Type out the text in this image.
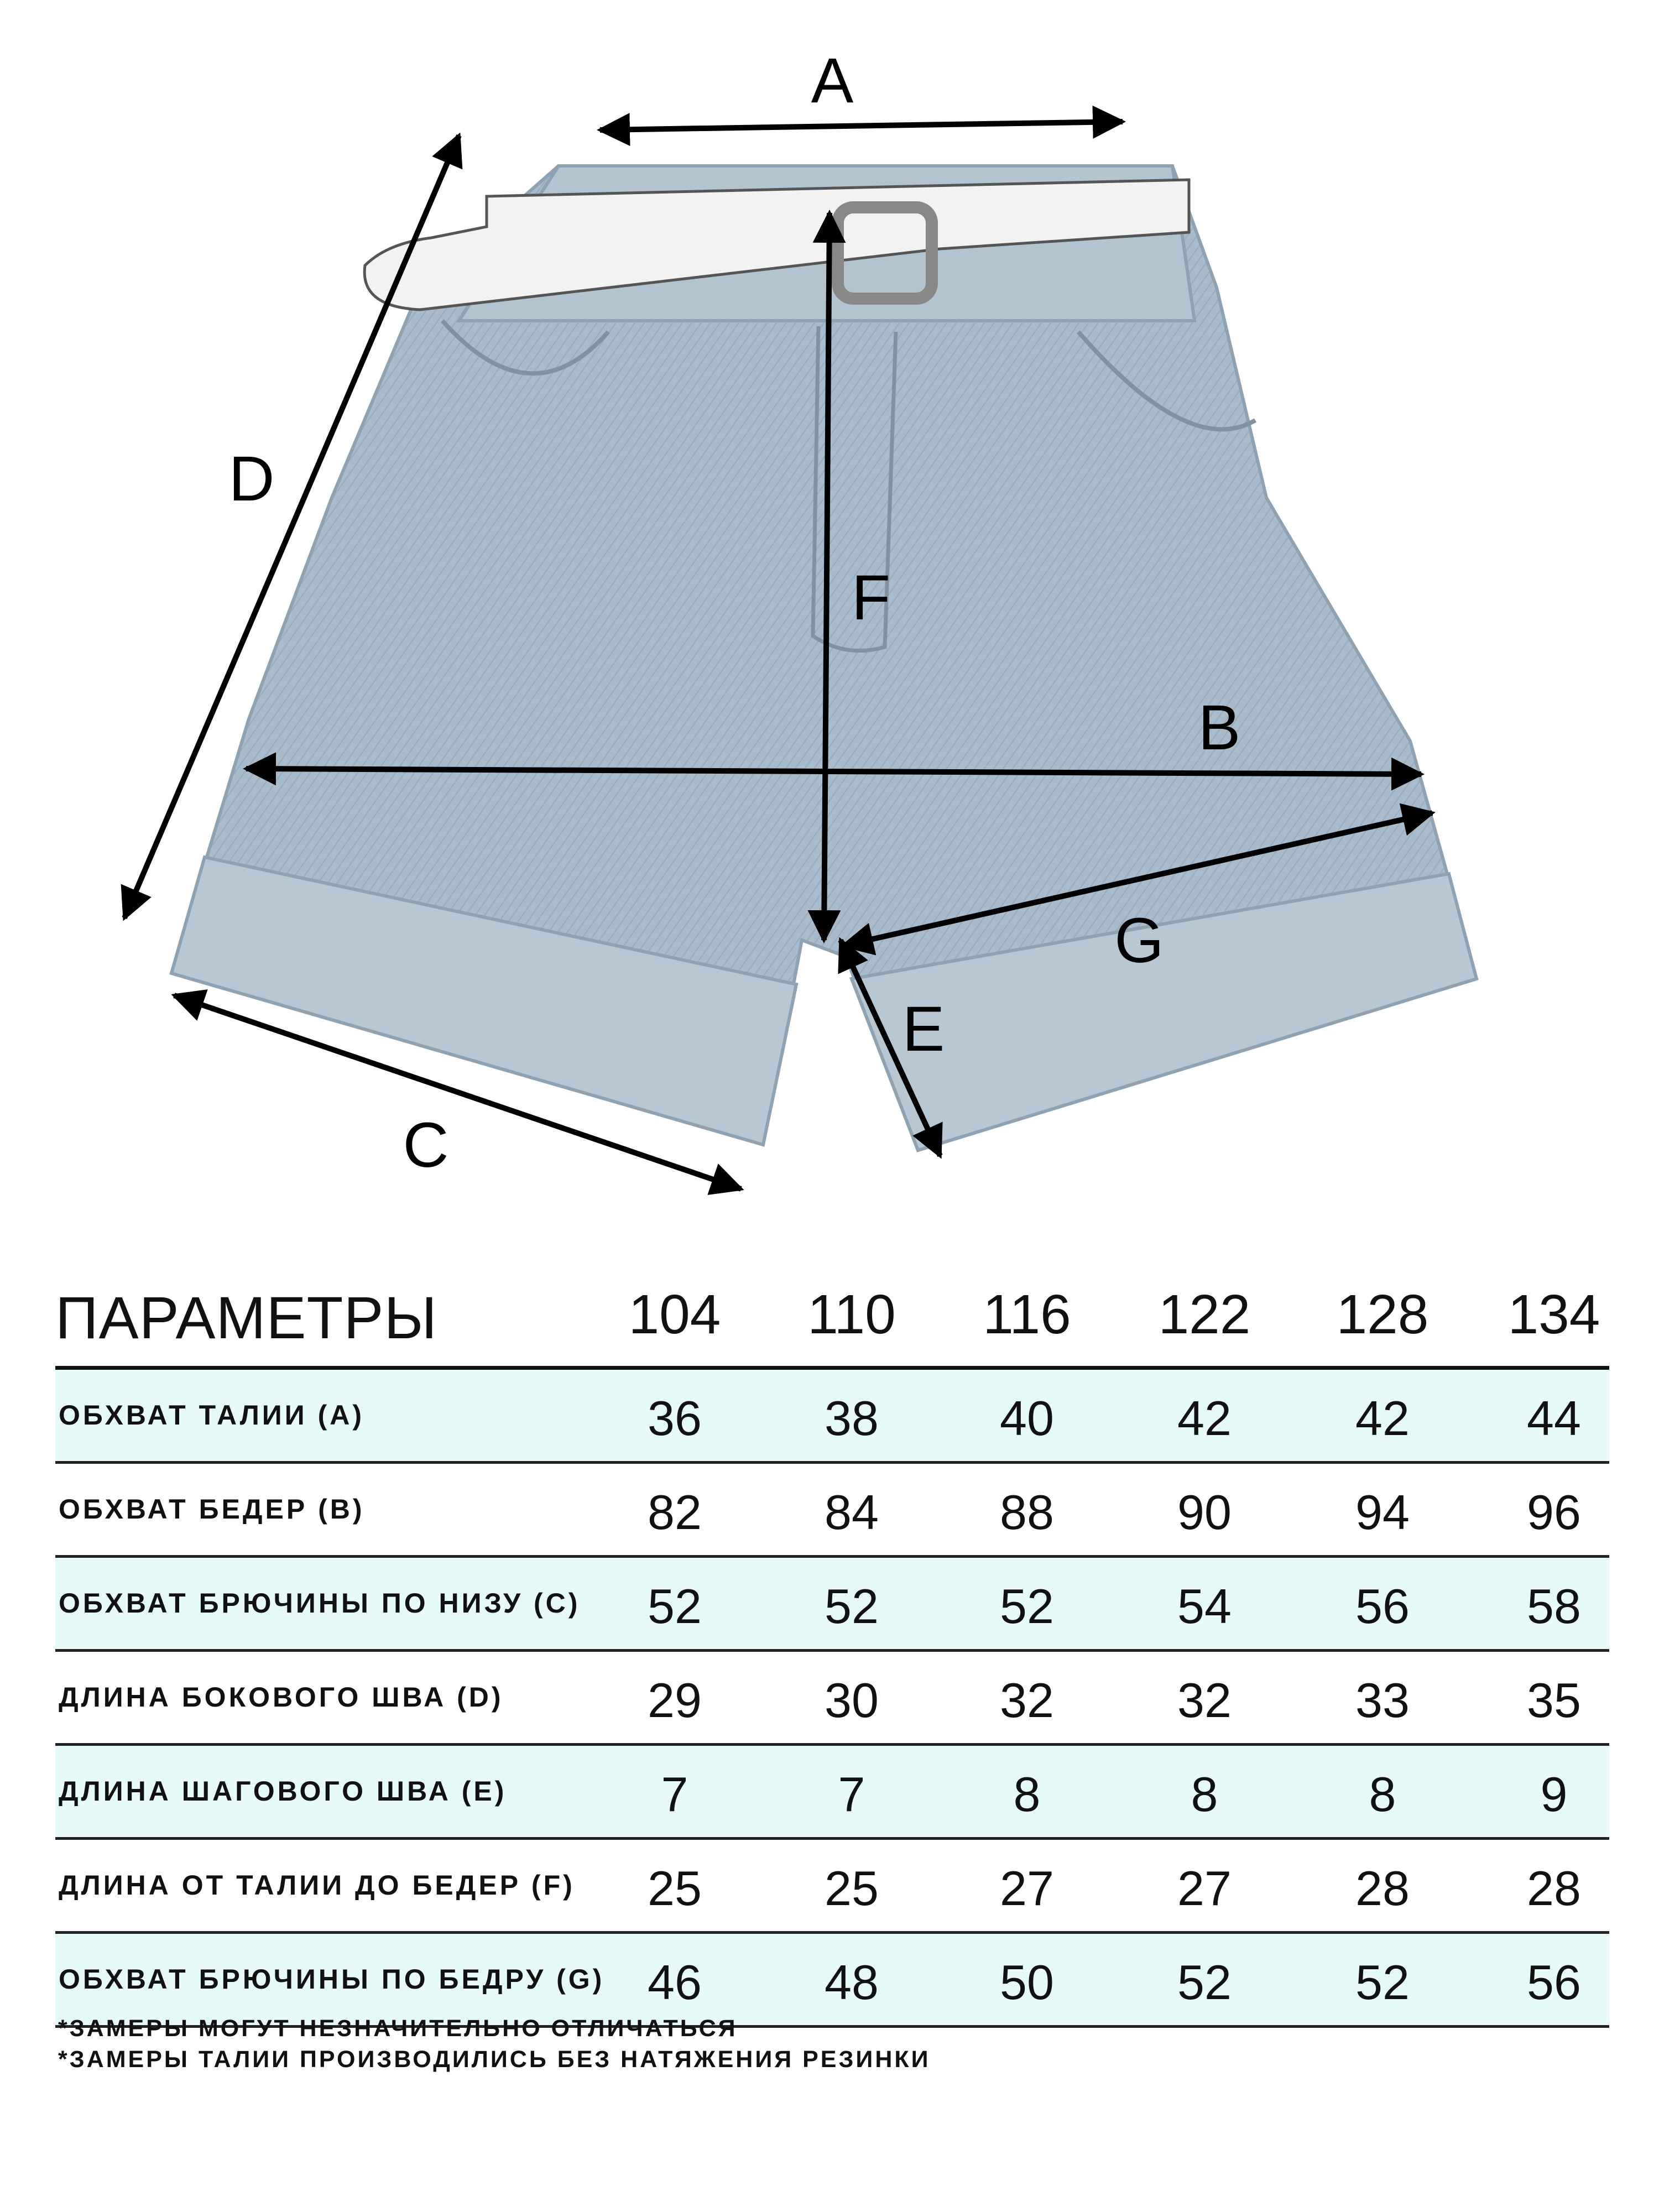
A
B
C
D
E
F
G
ПАРАМЕТРЫ	104	110	116	122 128 134
ОБХВАТ ТАЛИИ (А)	36	38	40	42	42	44
ОБХВАТ БЕДЕР (В)	82	84	88	90	94	96
ОБХВАТ БРЮЧИНЫ ПО НИЗУ (С)	52	52	52	54	56	58
ДЛИНА БОКОВОГО ШВА (D)	29	30	32	32	33	35
ДЛИНА ШАГОВОГО ШВА (E)	7	7	8	8	8	9
ДЛИНА ОТ ТАЛИИ ДО БЕДЕР (F)	25	25	27	27	28	28
ОБХВАТ БРЮЧИНЫ ПО БЕДРУ (G) 46	48	50	52	52	56
*ЗАМЕРЫ МОГУТ НЕЗНАЧИТЕЛЬНО ОТЛИЧАТЬСЯ
*ЗАМЕРЫ ТАЛИИ ПРОИЗВОДИЛИСЬ БЕЗ НАТЯЖЕНИЯ РЕЗИНКИ
